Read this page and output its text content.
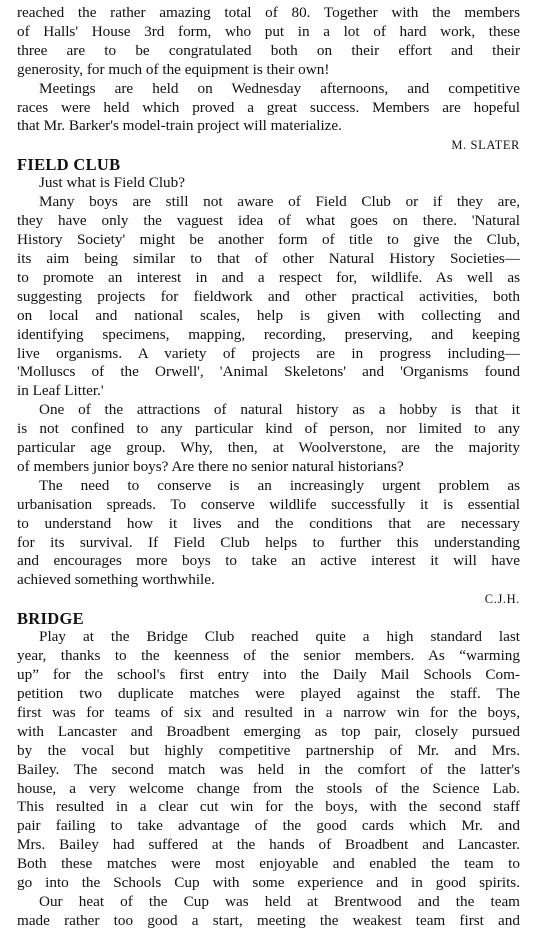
reached the rather amazing total of 80. Together with the members
of Halls' House 3rd form, who put in a lot of hard work, these
three are to be congratulated both on their effort and their
generosity, for much of the equipment is their own!
Meetings are held on Wednesday afternoons, and competitive
races were held which proved a great success. Members are hopeful
that Mr. Barker's model-train project will materialize.
M. SLATER
FIELD CLUB
Just what is Field Club?
Many boys are still not aware of Field Club or if they are,
they have only the vaguest idea of what goes on there. 'Natural
History Society' might be another form of title to give the Club,
its aim being similar to that of other Natural History Societies—
to promote an interest in and a respect for, wildlife. As well as
suggesting projects for fieldwork and other practical activities, both
on local and national scales, help is given with collecting and
identifying specimens, mapping, recording, preserving, and keeping
live organisms. A variety of projects are in progress including—
'Molluscs of the Orwell', 'Animal Skeletons' and 'Organisms found
in Leaf Litter.'
One of the attractions of natural history as a hobby is that it
is not confined to any particular kind of person, nor limited to any
particular age group. Why, then, at Woolverstone, are the majority
of members junior boys? Are there no senior natural historians?
The need to conserve is an increasingly urgent problem as
urbanisation spreads. To conserve wildlife successfully it is essential
to understand how it lives and the conditions that are necessary
for its survival. If Field Club helps to further this understanding
and encourages more boys to take an active interest it will have
achieved something worthwhile.
C.J.H.
BRIDGE
Play at the Bridge Club reached quite a high standard last
year, thanks to the keenness of the senior members. As “warming
up” for the school's first entry into the Daily Mail Schools Com-
petition two duplicate matches were played against the staff. The
first was for teams of six and resulted in a narrow win for the boys,
with Lancaster and Broadbent emerging as top pair, closely pursued
by the vocal but highly competitive partnership of Mr. and Mrs.
Bailey. The second match was held in the comfort of the latter's
house, a very welcome change from the stools of the Science Lab.
This resulted in a clear cut win for the boys, with the second staff
pair failing to take advantage of the good cards which Mr. and
Mrs. Bailey had suffered at the hands of Broadbent and Lancaster.
Both these matches were most enjoyable and enabled the team to
go into the Schools Cup with some experience and in good spirits.
Our heat of the Cup was held at Brentwood and the team
made rather too good a start, meeting the weakest team first and
